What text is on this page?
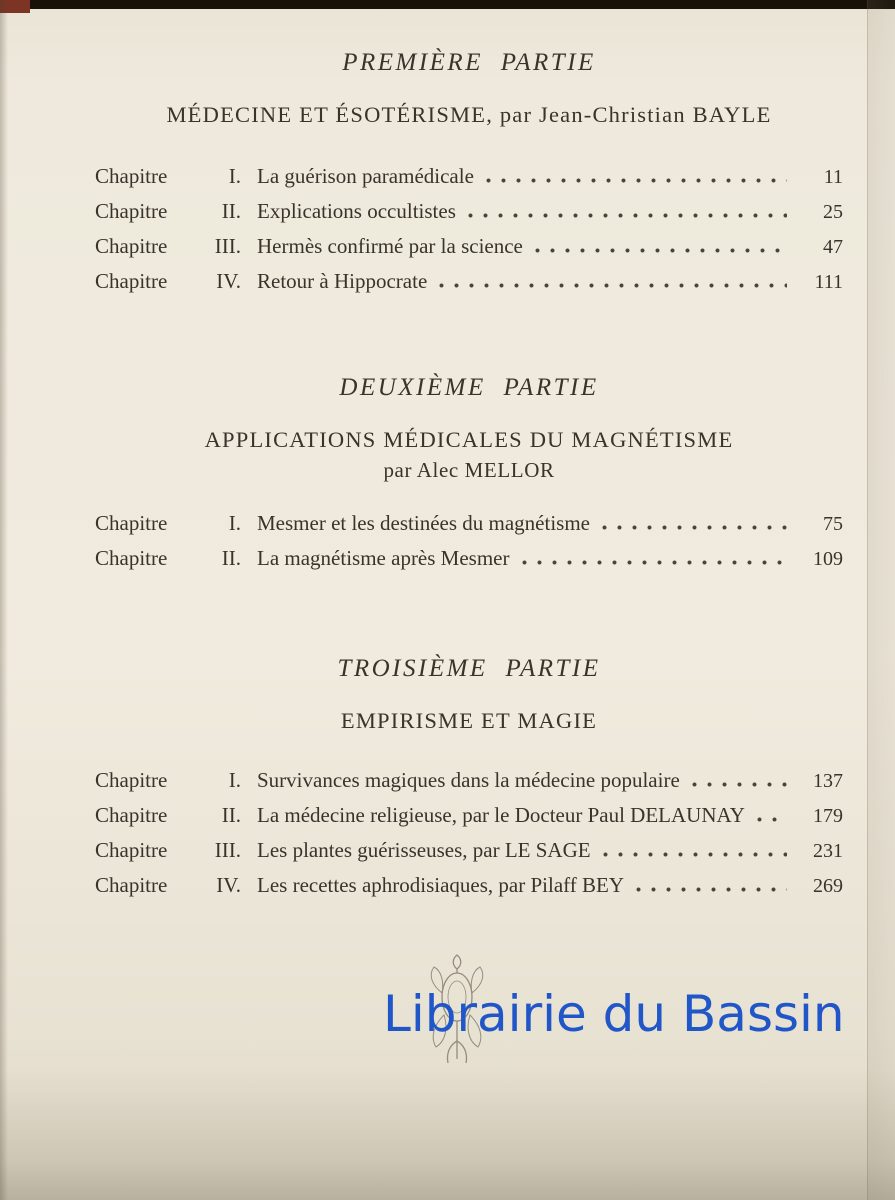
PREMIÈRE PARTIE
MÉDECINE ET ÉSOTÉRISME, par Jean-Christian BAYLE
Chapitre	I. La guérison paramédicale	11
Chapitre	II. Explications occultistes	25
Chapitre	III. Hermès confirmé par la science	47
Chapitre	IV. Retour à Hippocrate	111
DEUXIÈME PARTIE
APPLICATIONS MÉDICALES DU MAGNÉTISME
par Alec MELLOR
Chapitre	I. Mesmer et les destinées du magnétisme	75
Chapitre	II. La magnétisme après Mesmer	109
TROISIÈME PARTIE
EMPIRISME ET MAGIE
Chapitre	I. Survivances magiques dans la médecine populaire	137
Chapitre	II. La médecine religieuse, par le Docteur Paul DELAUNAY	179
Chapitre	III. Les plantes guérisseuses, par LE SAGE	231
Chapitre	IV. Les recettes aphrodisiaques, par Pilaff BEY	269
Librairie du Bassin
